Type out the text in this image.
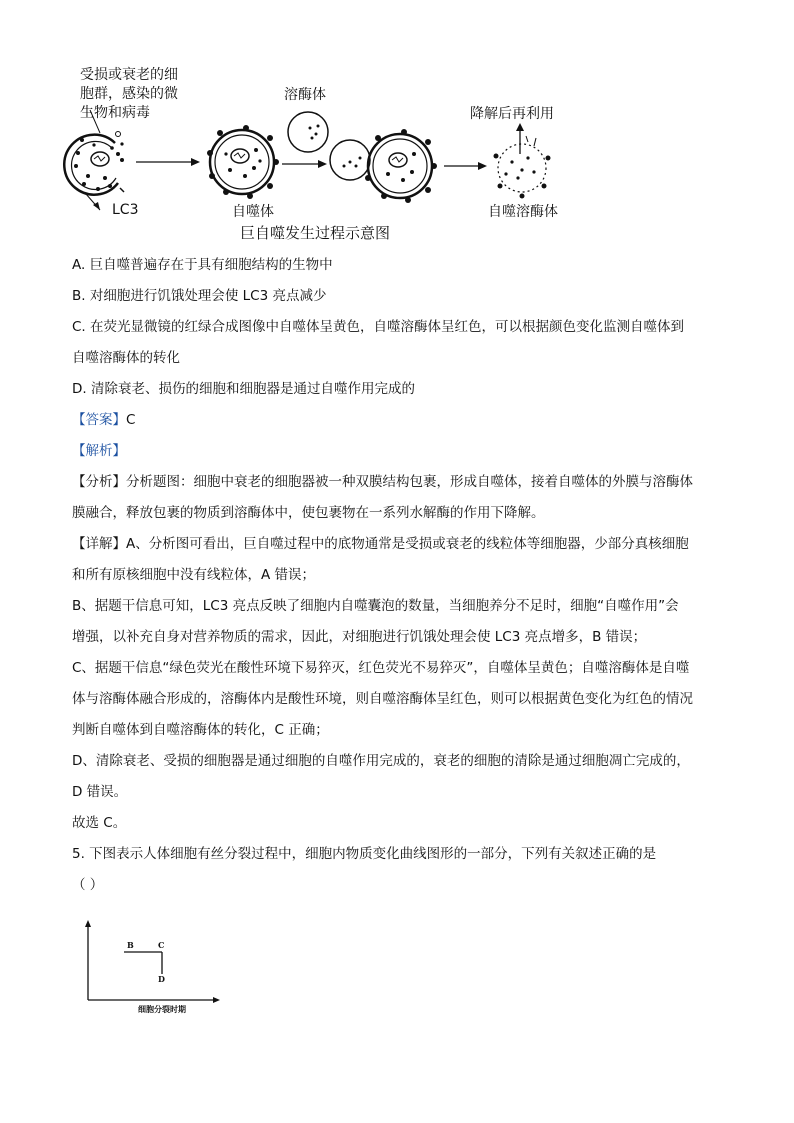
受损或衰老的细
胞群，感染的微
生物和病毒
溶酶体
降解后再利用
LC3	自噬体	自噬溶酶体
巨自噬发生过程示意图
A. 巨自噬普遍存在于具有细胞结构的生物中
B. 对细胞进行饥饿处理会使 LC3 亮点减少
C. 在荧光显微镜的红绿合成图像中自噬体呈黄色，自噬溶酶体呈红色，可以根据颜色变化监测自噬体到
自噬溶酶体的转化
D. 清除衰老、损伤的细胞和细胞器是通过自噬作用完成的
【答案】C
【解析】
【分析】分析题图：细胞中衰老的细胞器被一种双膜结构包裹，形成自噬体，接着自噬体的外膜与溶酶体
膜融合，释放包裹的物质到溶酶体中，使包裹物在一系列水解酶的作用下降解。
【详解】A、分析图可看出，巨自噬过程中的底物通常是受损或衰老的线粒体等细胞器，少部分真核细胞
和所有原核细胞中没有线粒体，A 错误；
B、据题干信息可知，LC3 亮点反映了细胞内自噬囊泡的数量，当细胞养分不足时，细胞“自噬作用”会
增强，以补充自身对营养物质的需求，因此，对细胞进行饥饿处理会使 LC3 亮点增多，B 错误；
C、据题干信息“绿色荧光在酸性环境下易猝灭，红色荧光不易猝灭”，自噬体呈黄色；自噬溶酶体是自噬
体与溶酶体融合形成的，溶酶体内是酸性环境，则自噬溶酶体呈红色，则可以根据黄色变化为红色的情况
判断自噬体到自噬溶酶体的转化，C 正确；
D、清除衰老、受损的细胞器是通过细胞的自噬作用完成的，衰老的细胞的清除是通过细胞凋亡完成的，
D 错误。
故选 C。
5. 下图表示人体细胞有丝分裂过程中，细胞内物质变化曲线图形的一部分，下列有关叙述正确的是
（ ）
B	C
D
细胞分裂时期
